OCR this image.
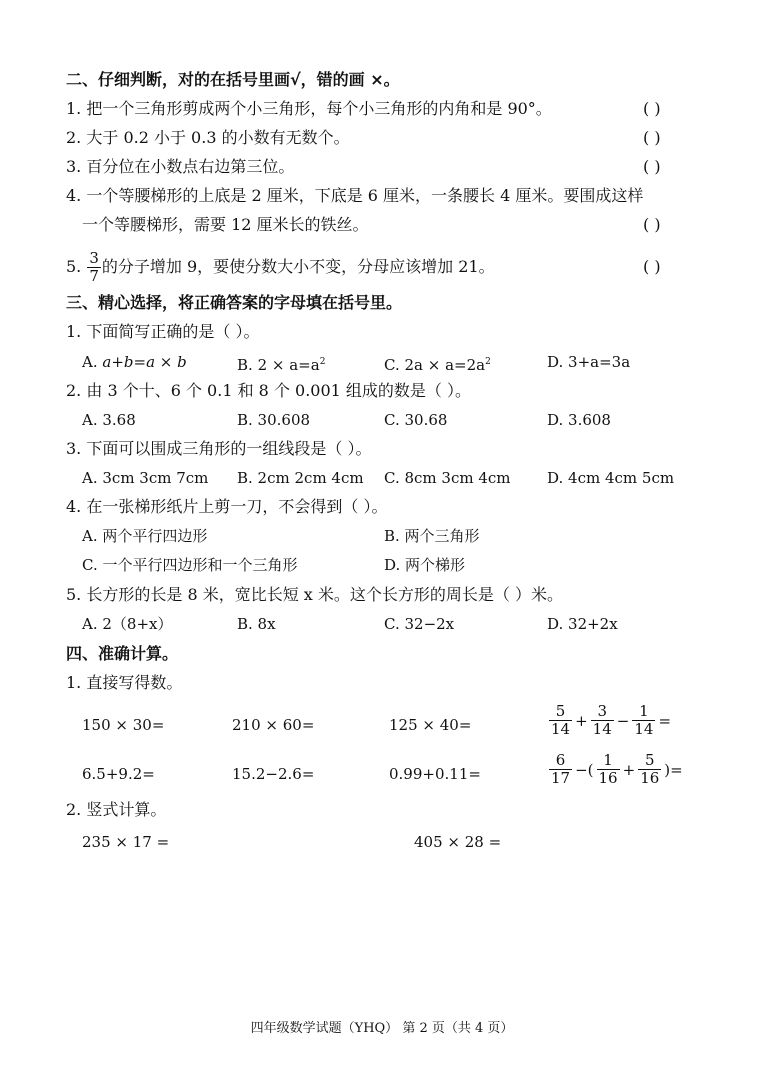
二、仔细判断，对的在括号里画√，错的画 ×。
1. 把一个三角形剪成两个小三角形，每个小三角形的内角和是 90°。	( )
2. 大于 0.2 小于 0.3 的小数有无数个。	( )
3. 百分位在小数点右边第三位。	( )
4. 一个等腰梯形的上底是 2 厘米，下底是 6 厘米，一条腰长 4 厘米。要围成这样
一个等腰梯形，需要 12 厘米长的铁丝。	( )
5. $\frac{3}{7}$ 的分子增加 9，要使分数大小不变，分母应该增加 21。	( )
三、精心选择，将正确答案的字母填在括号里。
1. 下面简写正确的是（ ）。
A. a+b=a × b	B. $2 \times a=a^2$	C. $2a \times a=2a^2$	D. 3+a=3a
2. 由 3 个十、6 个 0.1 和 8 个 0.001 组成的数是（ ）。
A. 3.68	B. 30.608	C. 30.68	D. 3.608
3. 下面可以围成三角形的一组线段是（ ）。
A. 3cm 3cm 7cm B. 2cm 2cm 4cm C. 8cm 3cm 4cm D. 4cm 4cm 5cm
4. 在一张梯形纸片上剪一刀，不会得到（ ）。
A. 两个平行四边形	B. 两个三角形
C. 一个平行四边形和一个三角形	D. 两个梯形
5. 长方形的长是 8 米，宽比长短 x 米。这个长方形的周长是（ ）米。
A. 2（8+x）	B. 8x	C. 32−2x	D. 32+2x
四、准确计算。
1. 直接写得数。
150 × 30=	210 × 60=	125 × 40=	$\frac{5}{14} + \frac{3}{14} - \frac{1}{14}$ =
6.5+9.2=	15.2−2.6=	0.99+0.11=	$\frac{6}{17}$ −( $\frac{1}{16} + \frac{5}{16}$ )=
2. 竖式计算。
235 × 17 =	405 × 28 =
四年级数学试题（YHQ） 第 2 页（共 4 页）
